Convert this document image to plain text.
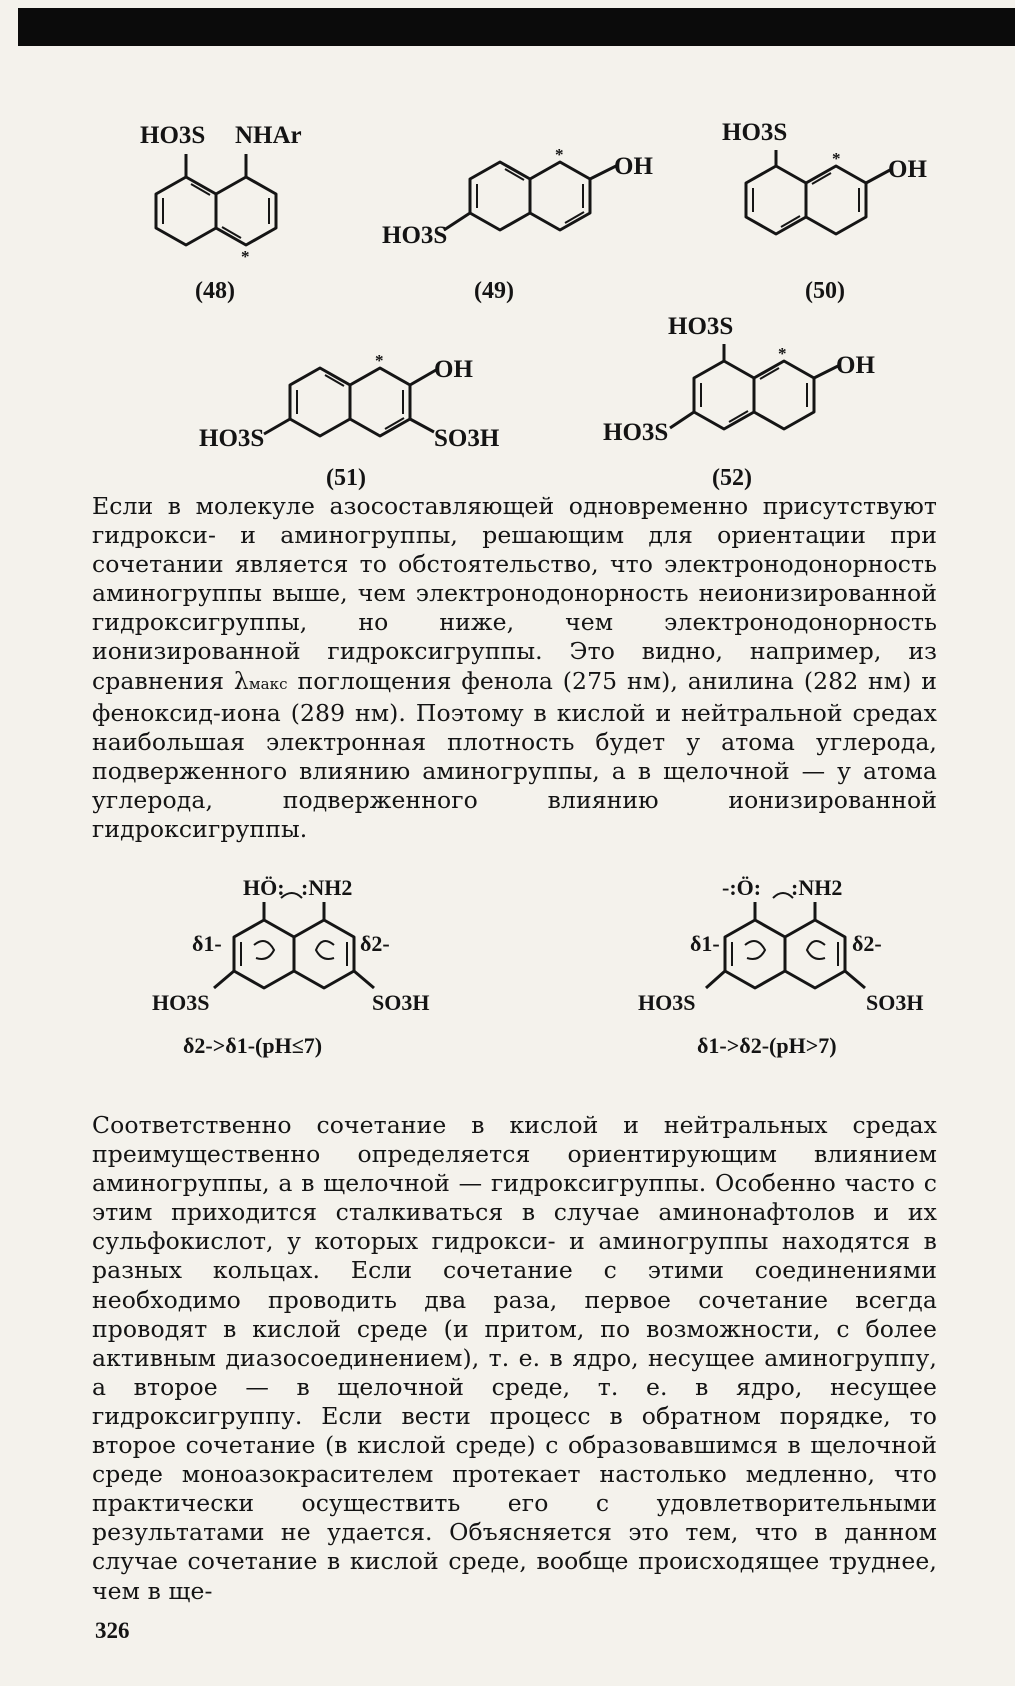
HO3S NHAr
*
(48)
* OH
HO3S
(49)
HO3S
* OH
(50)
* OH
HO3S	SO3H
(51)
HO3S
* OH
HO3S
(52)
HÖ: :NH2
δ1-	δ2-
HO3S	SO3H
δ2->δ1-(pH≤7)
-:Ö: :NH2
δ1-	δ2-
HO3S	SO3H
δ1->δ2-(pH>7)

Если в молекуле азосоставляющей одновременно присутствуют гидрокси- и аминогруппы, решающим для ориентации при сочетании является то обстоятельство, что электронодонорность аминогруппы выше, чем электронодонорность неионизированной гидроксигруппы, но ниже, чем электронодонорность ионизированной гидроксигруппы. Это видно, например, из сравнения λмакс поглощения фенола (275 нм), анилина (282 нм) и феноксид-иона (289 нм). Поэтому в кислой и нейтральной средах наибольшая электронная плотность будет у атома углерода, подверженного влиянию аминогруппы, а в щелочной — у атома углерода, подверженного влиянию ионизированной гидроксигруппы.

Соответственно сочетание в кислой и нейтральных средах преимущественно определяется ориентирующим влиянием аминогруппы, а в щелочной — гидроксигруппы. Особенно часто с этим приходится сталкиваться в случае аминонафтолов и их сульфокислот, у которых гидрокси- и аминогруппы находятся в разных кольцах. Если сочетание с этими соединениями необходимо проводить два раза, первое сочетание всегда проводят в кислой среде (и притом, по возможности, с более активным диазосоединением), т. е. в ядро, несущее аминогруппу, а второе — в щелочной среде, т. е. в ядро, несущее гидроксигруппу. Если вести процесс в обратном порядке, то второе сочетание (в кислой среде) с образовавшимся в щелочной среде моноазокрасителем протекает настолько медленно, что практически осуществить его с удовлетворительными результатами не удается. Объясняется это тем, что в данном случае сочетание в кислой среде, вообще происходящее труднее, чем в ще-

326
